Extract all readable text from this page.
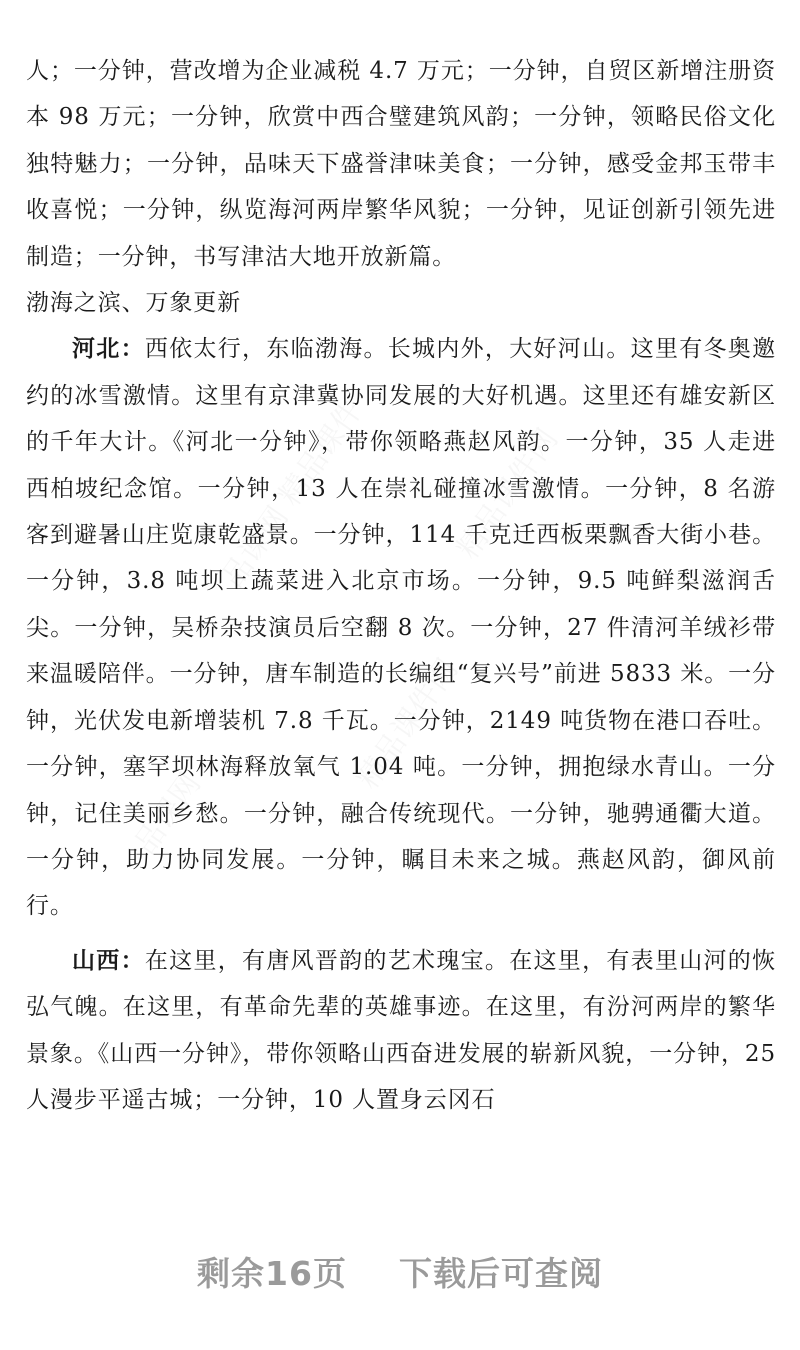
人；一分钟，营改增为企业减税 4.7 万元；一分钟，自贸区新增注册资本 98 万元；一分钟，欣赏中西合璧建筑风韵；一分钟，领略民俗文化独特魅力；一分钟，品味天下盛誉津味美食；一分钟，感受金邦玉带丰收喜悦；一分钟，纵览海河两岸繁华风貌；一分钟，见证创新引领先进制造；一分钟，书写津沽大地开放新篇。

渤海之滨、万象更新

河北：西依太行，东临渤海。长城内外，大好河山。这里有冬奥邀约的冰雪激情。这里有京津冀协同发展的大好机遇。这里还有雄安新区的千年大计。《河北一分钟》，带你领略燕赵风韵。一分钟，35 人走进西柏坡纪念馆。一分钟，13 人在崇礼碰撞冰雪激情。一分钟，8 名游客到避暑山庄览康乾盛景。一分钟，114 千克迁西板栗飘香大街小巷。一分钟，3.8 吨坝上蔬菜进入北京市场。一分钟，9.5 吨鲜梨滋润舌尖。一分钟，吴桥杂技演员后空翻 8 次。一分钟，27 件清河羊绒衫带来温暖陪伴。一分钟，唐车制造的长编组“复兴号”前进 5833 米。一分钟，光伏发电新增装机 7.8 千瓦。一分钟，2149 吨货物在港口吞吐。一分钟，塞罕坝林海释放氧气 1.04 吨。一分钟，拥抱绿水青山。一分钟，记住美丽乡愁。一分钟，融合传统现代。一分钟，驰骋通衢大道。一分钟，助力协同发展。一分钟，瞩目未来之城。燕赵风韵，御风前行。

山西：在这里，有唐风晋韵的艺术瑰宝。在这里，有表里山河的恢弘气魄。在这里，有革命先辈的英雄事迹。在这里，有汾河两岸的繁华景象。《山西一分钟》，带你领略山西奋进发展的崭新风貌，一分钟，25 人漫步平遥古城；一分钟，10 人置身云冈石

剩余16页 下载后可查阅
